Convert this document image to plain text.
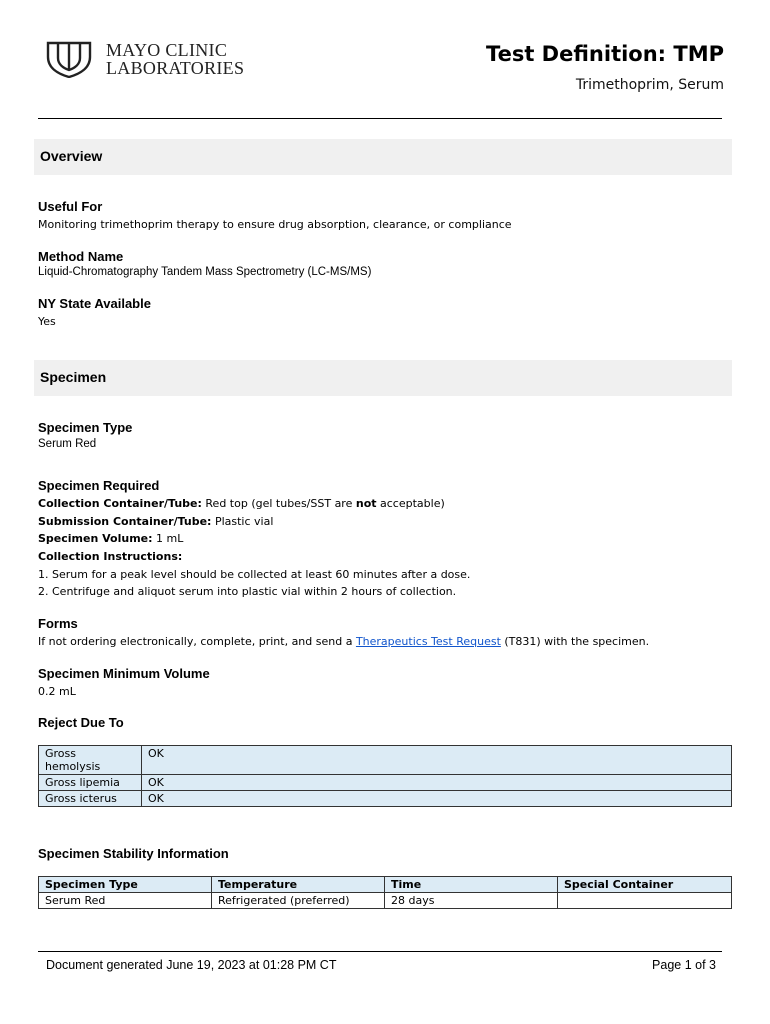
MAYO CLINIC
LABORATORIES
Test Definition: TMP
Trimethoprim, Serum
Overview
Useful For
Monitoring trimethoprim therapy to ensure drug absorption, clearance, or compliance
Method Name
Liquid-Chromatography Tandem Mass Spectrometry (LC-MS/MS)
NY State Available
Yes
Specimen
Specimen Type
Serum Red
Specimen Required
Collection Container/Tube: Red top (gel tubes/SST are not acceptable)
Submission Container/Tube: Plastic vial
Specimen Volume: 1 mL
Collection Instructions:
1. Serum for a peak level should be collected at least 60 minutes after a dose.
2. Centrifuge and aliquot serum into plastic vial within 2 hours of collection.
Forms
If not ordering electronically, complete, print, and send a Therapeutics Test Request (T831) with the specimen.
Specimen Minimum Volume
0.2 mL
Reject Due To
Gross
hemolysis	OK
Gross lipemia	OK
Gross icterus	OK
Specimen Stability Information
Specimen Type	Temperature	Time	Special Container
Serum Red	Refrigerated (preferred)	28 days	
Document generated June 19, 2023 at 01:28 PM CT	Page 1 of 3
